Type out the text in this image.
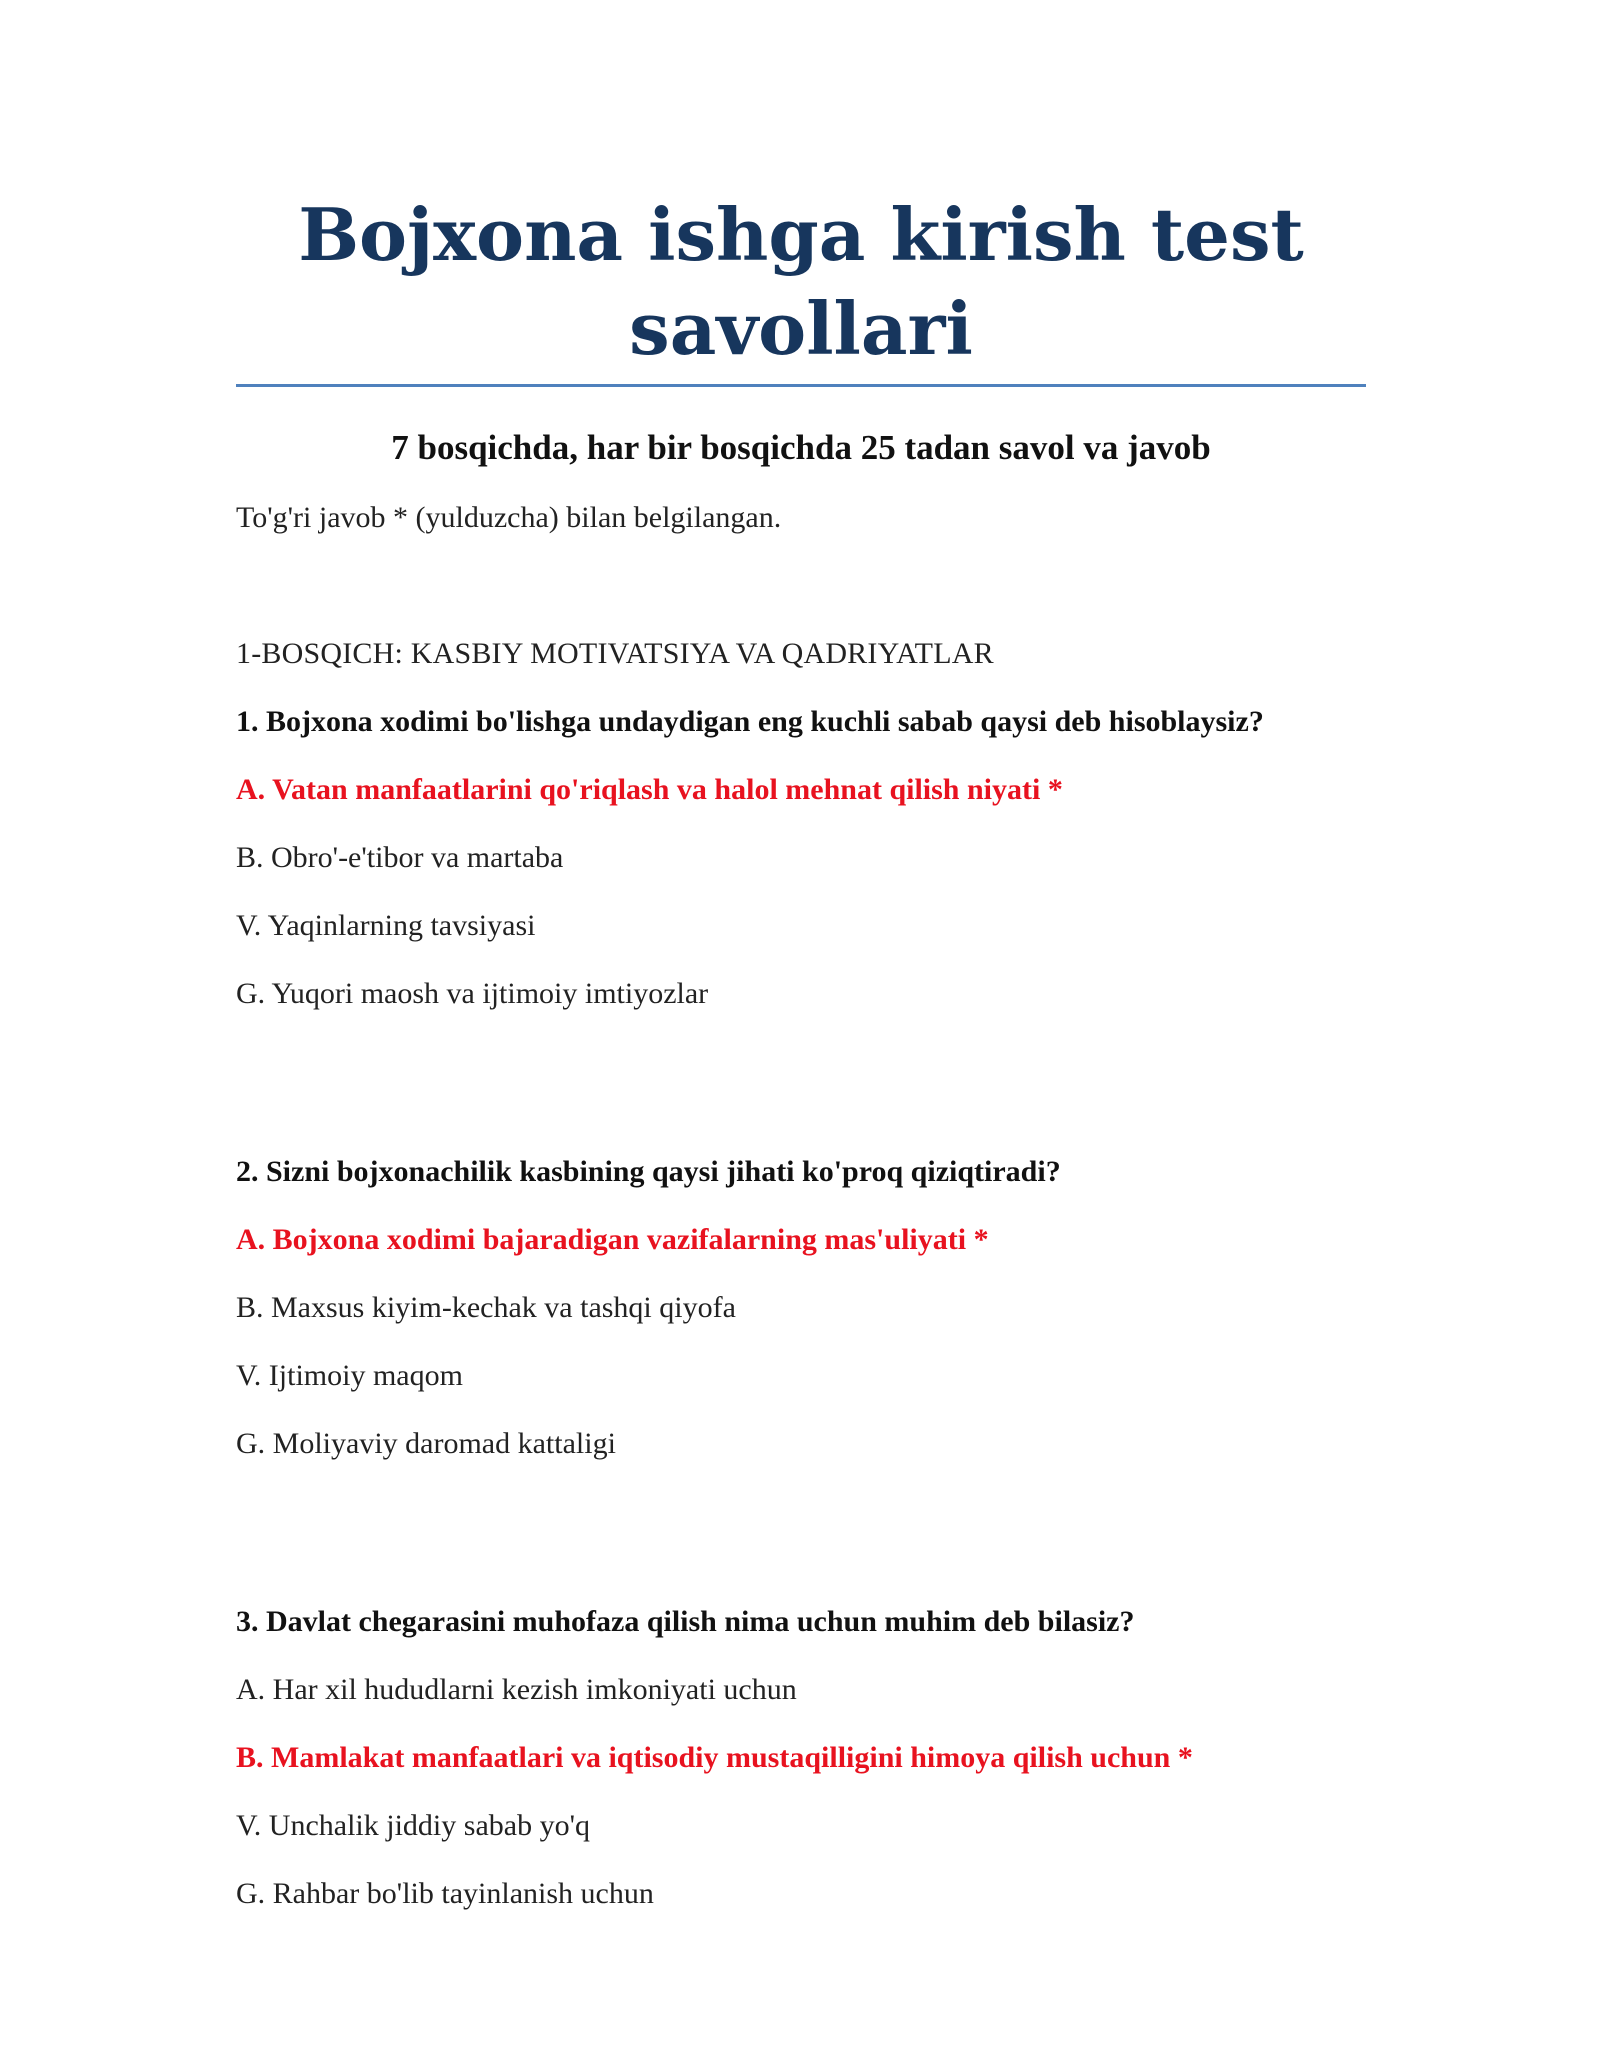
Bojxona ishga kirish test
savollari
7 bosqichda, har bir bosqichda 25 tadan savol va javob
To'g'ri javob * (yulduzcha) bilan belgilangan.
1-BOSQICH: KASBIY MOTIVATSIYA VA QADRIYATLAR
1. Bojxona xodimi bo'lishga undaydigan eng kuchli sabab qaysi deb hisoblaysiz?
A. Vatan manfaatlarini qo'riqlash va halol mehnat qilish niyati *
B. Obro'-e'tibor va martaba
V. Yaqinlarning tavsiyasi
G. Yuqori maosh va ijtimoiy imtiyozlar
2. Sizni bojxonachilik kasbining qaysi jihati ko'proq qiziqtiradi?
A. Bojxona xodimi bajaradigan vazifalarning mas'uliyati *
B. Maxsus kiyim-kechak va tashqi qiyofa
V. Ijtimoiy maqom
G. Moliyaviy daromad kattaligi
3. Davlat chegarasini muhofaza qilish nima uchun muhim deb bilasiz?
A. Har xil hududlarni kezish imkoniyati uchun
B. Mamlakat manfaatlari va iqtisodiy mustaqilligini himoya qilish uchun *
V. Unchalik jiddiy sabab yo'q
G. Rahbar bo'lib tayinlanish uchun
